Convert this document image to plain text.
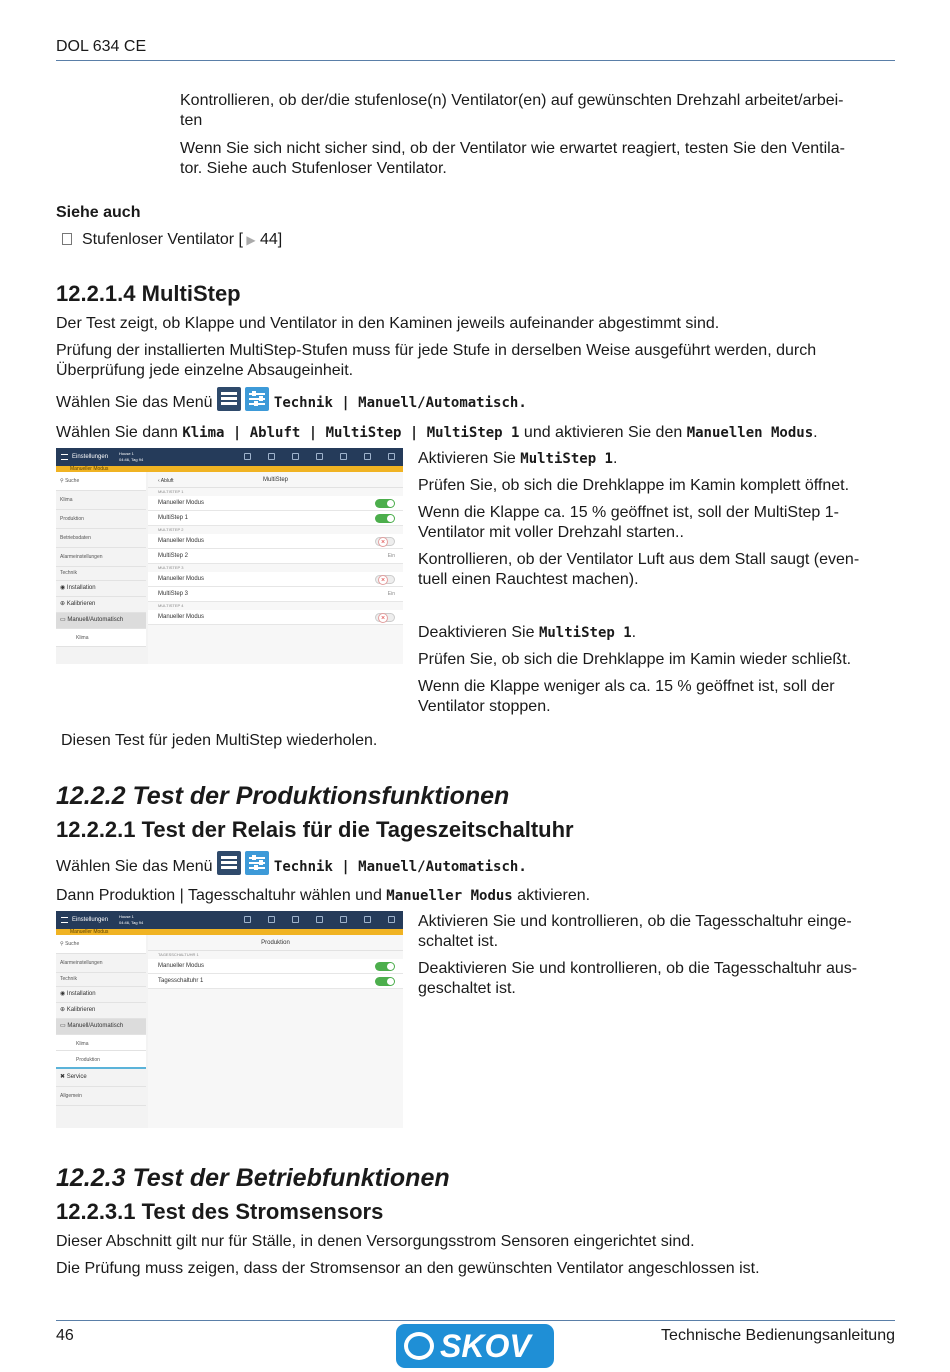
DOL 634 CE

Kontrollieren, ob der/die stufenlose(n) Ventilator(en) auf gewünschten Drehzahl arbeitet/arbei-

ten

Wenn Sie sich nicht sicher sind, ob der Ventilator wie erwartet reagiert, testen Sie den Ventila-

tor. Siehe auch Stufenloser Ventilator.

Siehe auch
Stufenloser Ventilator [ ▶ 44]
12.2.1.4 MultiStep
Der Test zeigt, ob Klappe und Ventilator in den Kaminen jeweils aufeinander abgestimmt sind.

Prüfung der installierten MultiStep-Stufen muss für jede Stufe in derselben Weise ausgeführt werden, durch

Überprüfung jede einzelne Absaugeinheit.

Wählen Sie das Menü
	Technik | Manuell/Automatisch.
Wählen Sie dann Klima | Abluft | MultiStep | MultiStep 1 und aktivieren Sie den Manuellen Modus.
Einstellungen
House 1
04:46, Tag 94
Manueller Modus
⚲ Suche
Klima
Produktion
Betriebsdaten
Alarmeinstellungen
Technik
◉ Installation
⊕ Kalibrieren
▭ Manuell/Automatisch
Klima
‹ Abluft	MultiStep
MULTISTEP 1
Manueller Modus
MultiStep 1
MULTISTEP 2
Manueller Modus
×
MultiStep 2	Ein
MULTISTEP 3
Manueller Modus
×
MultiStep 3	Ein
MULTISTEP 4
Manueller Modus
×
Aktivieren Sie MultiStep 1.
Prüfen Sie, ob sich die Drehklappe im Kamin komplett öffnet.

Wenn die Klappe ca. 15 % geöffnet ist, soll der MultiStep 1-

Ventilator mit voller Drehzahl starten..

Kontrollieren, ob der Ventilator Luft aus dem Stall saugt (even-

tuell einen Rauchtest machen).

Deaktivieren Sie MultiStep 1.
Prüfen Sie, ob sich die Drehklappe im Kamin wieder schließt.

Wenn die Klappe weniger als ca. 15 % geöffnet ist, soll der

Ventilator stoppen.

Diesen Test für jeden MultiStep wiederholen.
12.2.2 Test der Produktionsfunktionen
12.2.2.1 Test der Relais für die Tageszeitschaltuhr
Wählen Sie das Menü
	Technik | Manuell/Automatisch.
Dann Produktion | Tagesschaltuhr wählen und Manueller Modus aktivieren.
Einstellungen
House 1
04:46, Tag 94
Manueller Modus
⚲ Suche
Alarmeinstellungen
Technik
◉ Installation
⊕ Kalibrieren
▭ Manuell/Automatisch
Klima
Produktion
✖ Service
Allgemein
Produktion
TAGESSCHALTUHR 1
Manueller Modus
Tagesschaltuhr 1

Aktivieren Sie und kontrollieren, ob die Tagesschaltuhr einge-

schaltet ist.

Deaktivieren Sie und kontrollieren, ob die Tagesschaltuhr aus-

geschaltet ist.

12.2.3 Test der Betriebfunktionen
12.2.3.1 Test des Stromsensors
Dieser Abschnitt gilt nur für Ställe, in denen Versorgungsstrom Sensoren eingerichtet sind.
Die Prüfung muss zeigen, dass der Stromsensor an den gewünschten Ventilator angeschlossen ist.
46	SKOV	Technische Bedienungsanleitung
